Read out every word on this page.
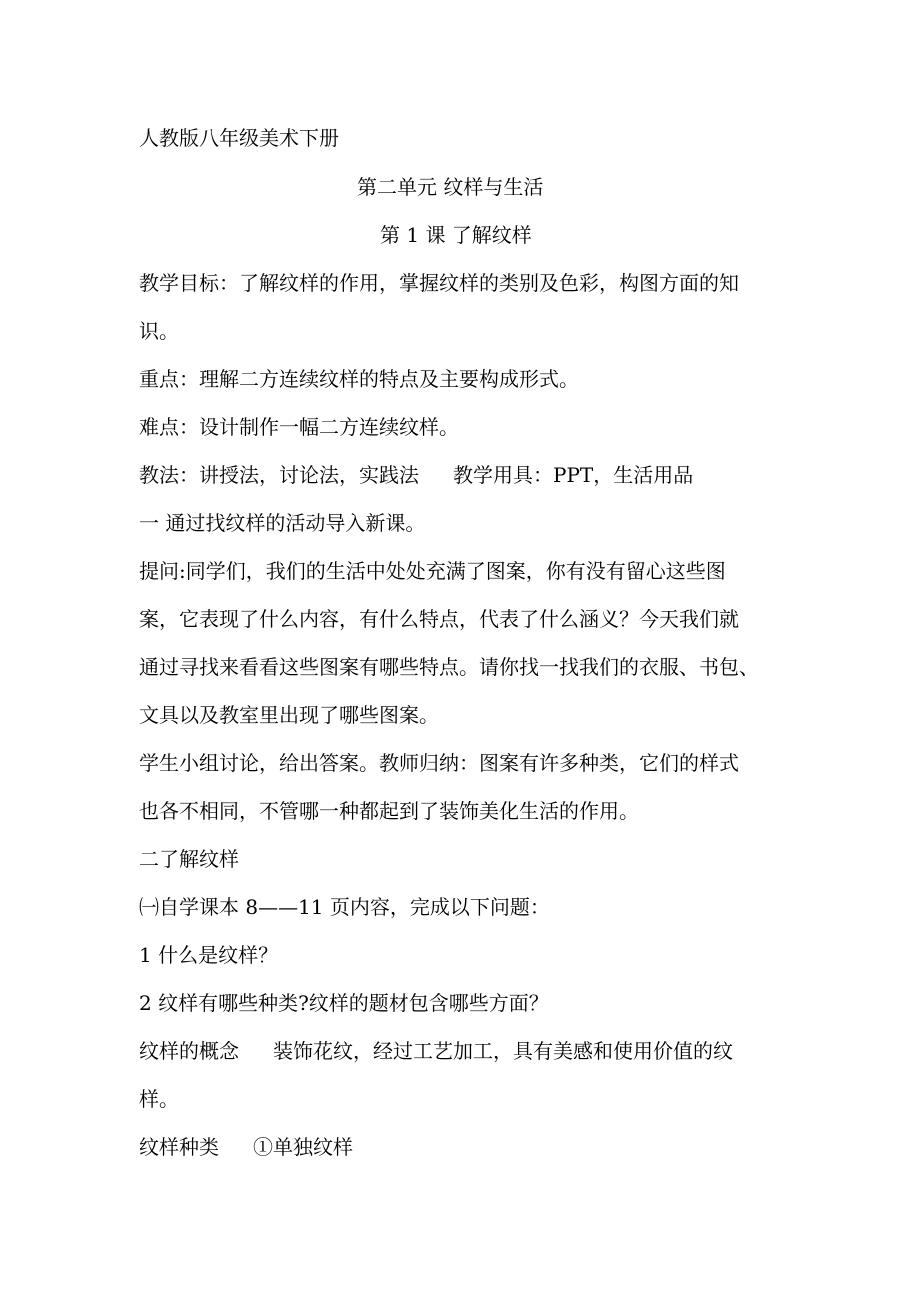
人教版八年级美术下册
第二单元 纹样与生活
第 1 课 了解纹样
教学目标：了解纹样的作用，掌握纹样的类别及色彩，构图方面的知
识。
重点：理解二方连续纹样的特点及主要构成形式。
难点：设计制作一幅二方连续纹样。
教法：讲授法，讨论法，实践法 教学用具：PPT，生活用品
一 通过找纹样的活动导入新课。
提问:同学们，我们的生活中处处充满了图案，你有没有留心这些图
案，它表现了什么内容，有什么特点，代表了什么涵义？今天我们就
通过寻找来看看这些图案有哪些特点。请你找一找我们的衣服、书包、
文具以及教室里出现了哪些图案。
学生小组讨论，给出答案。教师归纳：图案有许多种类，它们的样式
也各不相同，不管哪一种都起到了装饰美化生活的作用。
二了解纹样
㈠自学课本 8——11 页内容，完成以下问题：
1 什么是纹样？
2 纹样有哪些种类?纹样的题材包含哪些方面？
纹样的概念 装饰花纹，经过工艺加工，具有美感和使用价值的纹
样。
纹样种类 ①单独纹样
